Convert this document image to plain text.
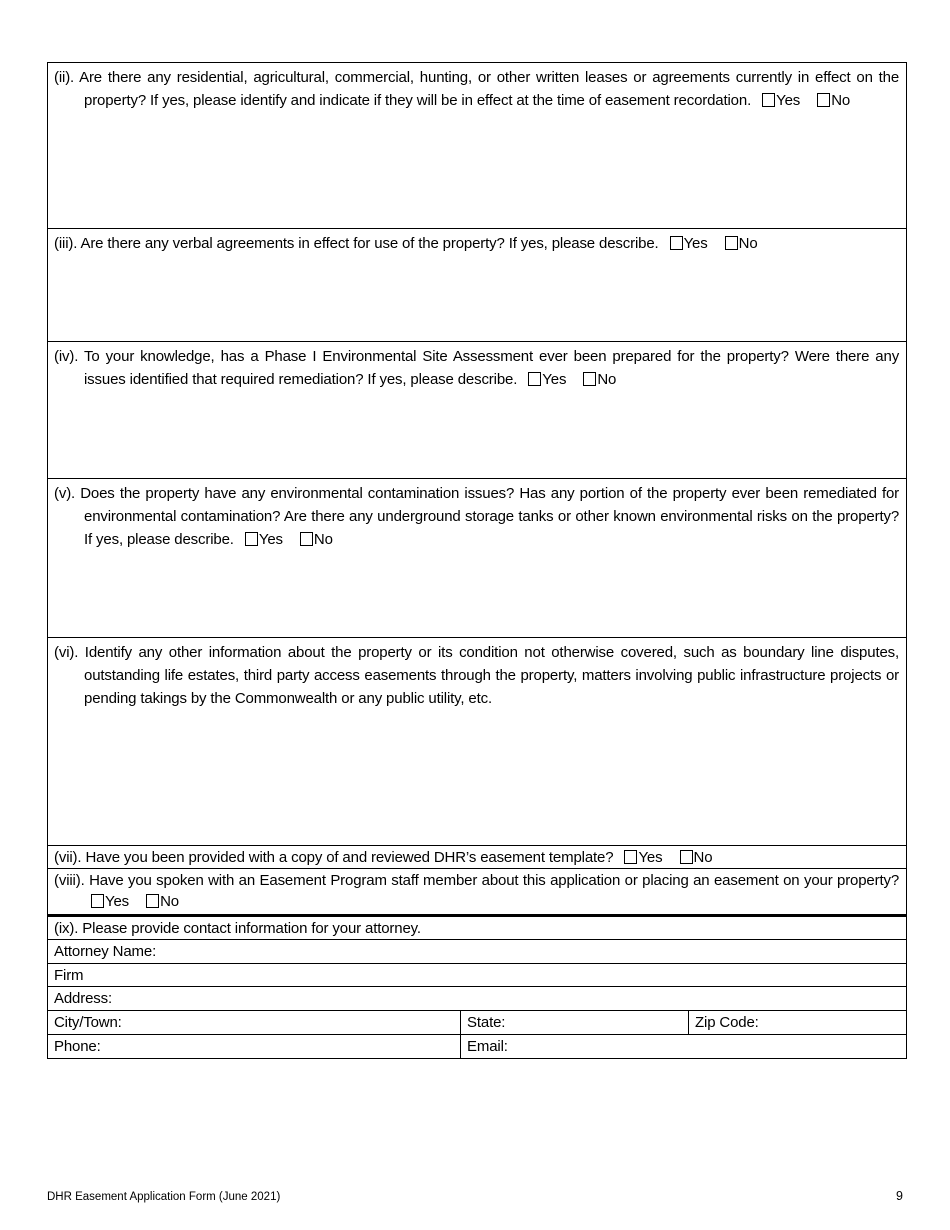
(ii). Are there any residential, agricultural, commercial, hunting, or other written leases or agreements currently in effect on the property? If yes, please identify and indicate if they will be in effect at the time of easement recordation. Yes No		

(iii). Are there any verbal agreements in effect for use of the property? If yes, please describe. Yes No		

(iv). To your knowledge, has a Phase I Environmental Site Assessment ever been prepared for the property? Were there any issues identified that required remediation? If yes, please describe. Yes No		

(v). Does the property have any environmental contamination issues? Has any portion of the property ever been remediated for environmental contamination? Are there any underground storage tanks or other known environmental risks on the property? If yes, please describe. Yes No		

(vi). Identify any other information about the property or its condition not otherwise covered, such as boundary line disputes, outstanding life estates, third party access easements through the property, matters involving public infrastructure projects or pending takings by the Commonwealth or any public utility, etc.		

(vii). Have you been provided with a copy of and reviewed DHR’s easement template? Yes No		

(viii). Have you spoken with an Easement Program staff member about this application or placing an easement on your property? Yes No		

(ix). Please provide contact information for your attorney.		

Attorney Name:		

Firm		

Address:		

City/Town:	State:	Zip Code:

Phone:	Email:	
DHR Easement Application Form (June 2021)	9
